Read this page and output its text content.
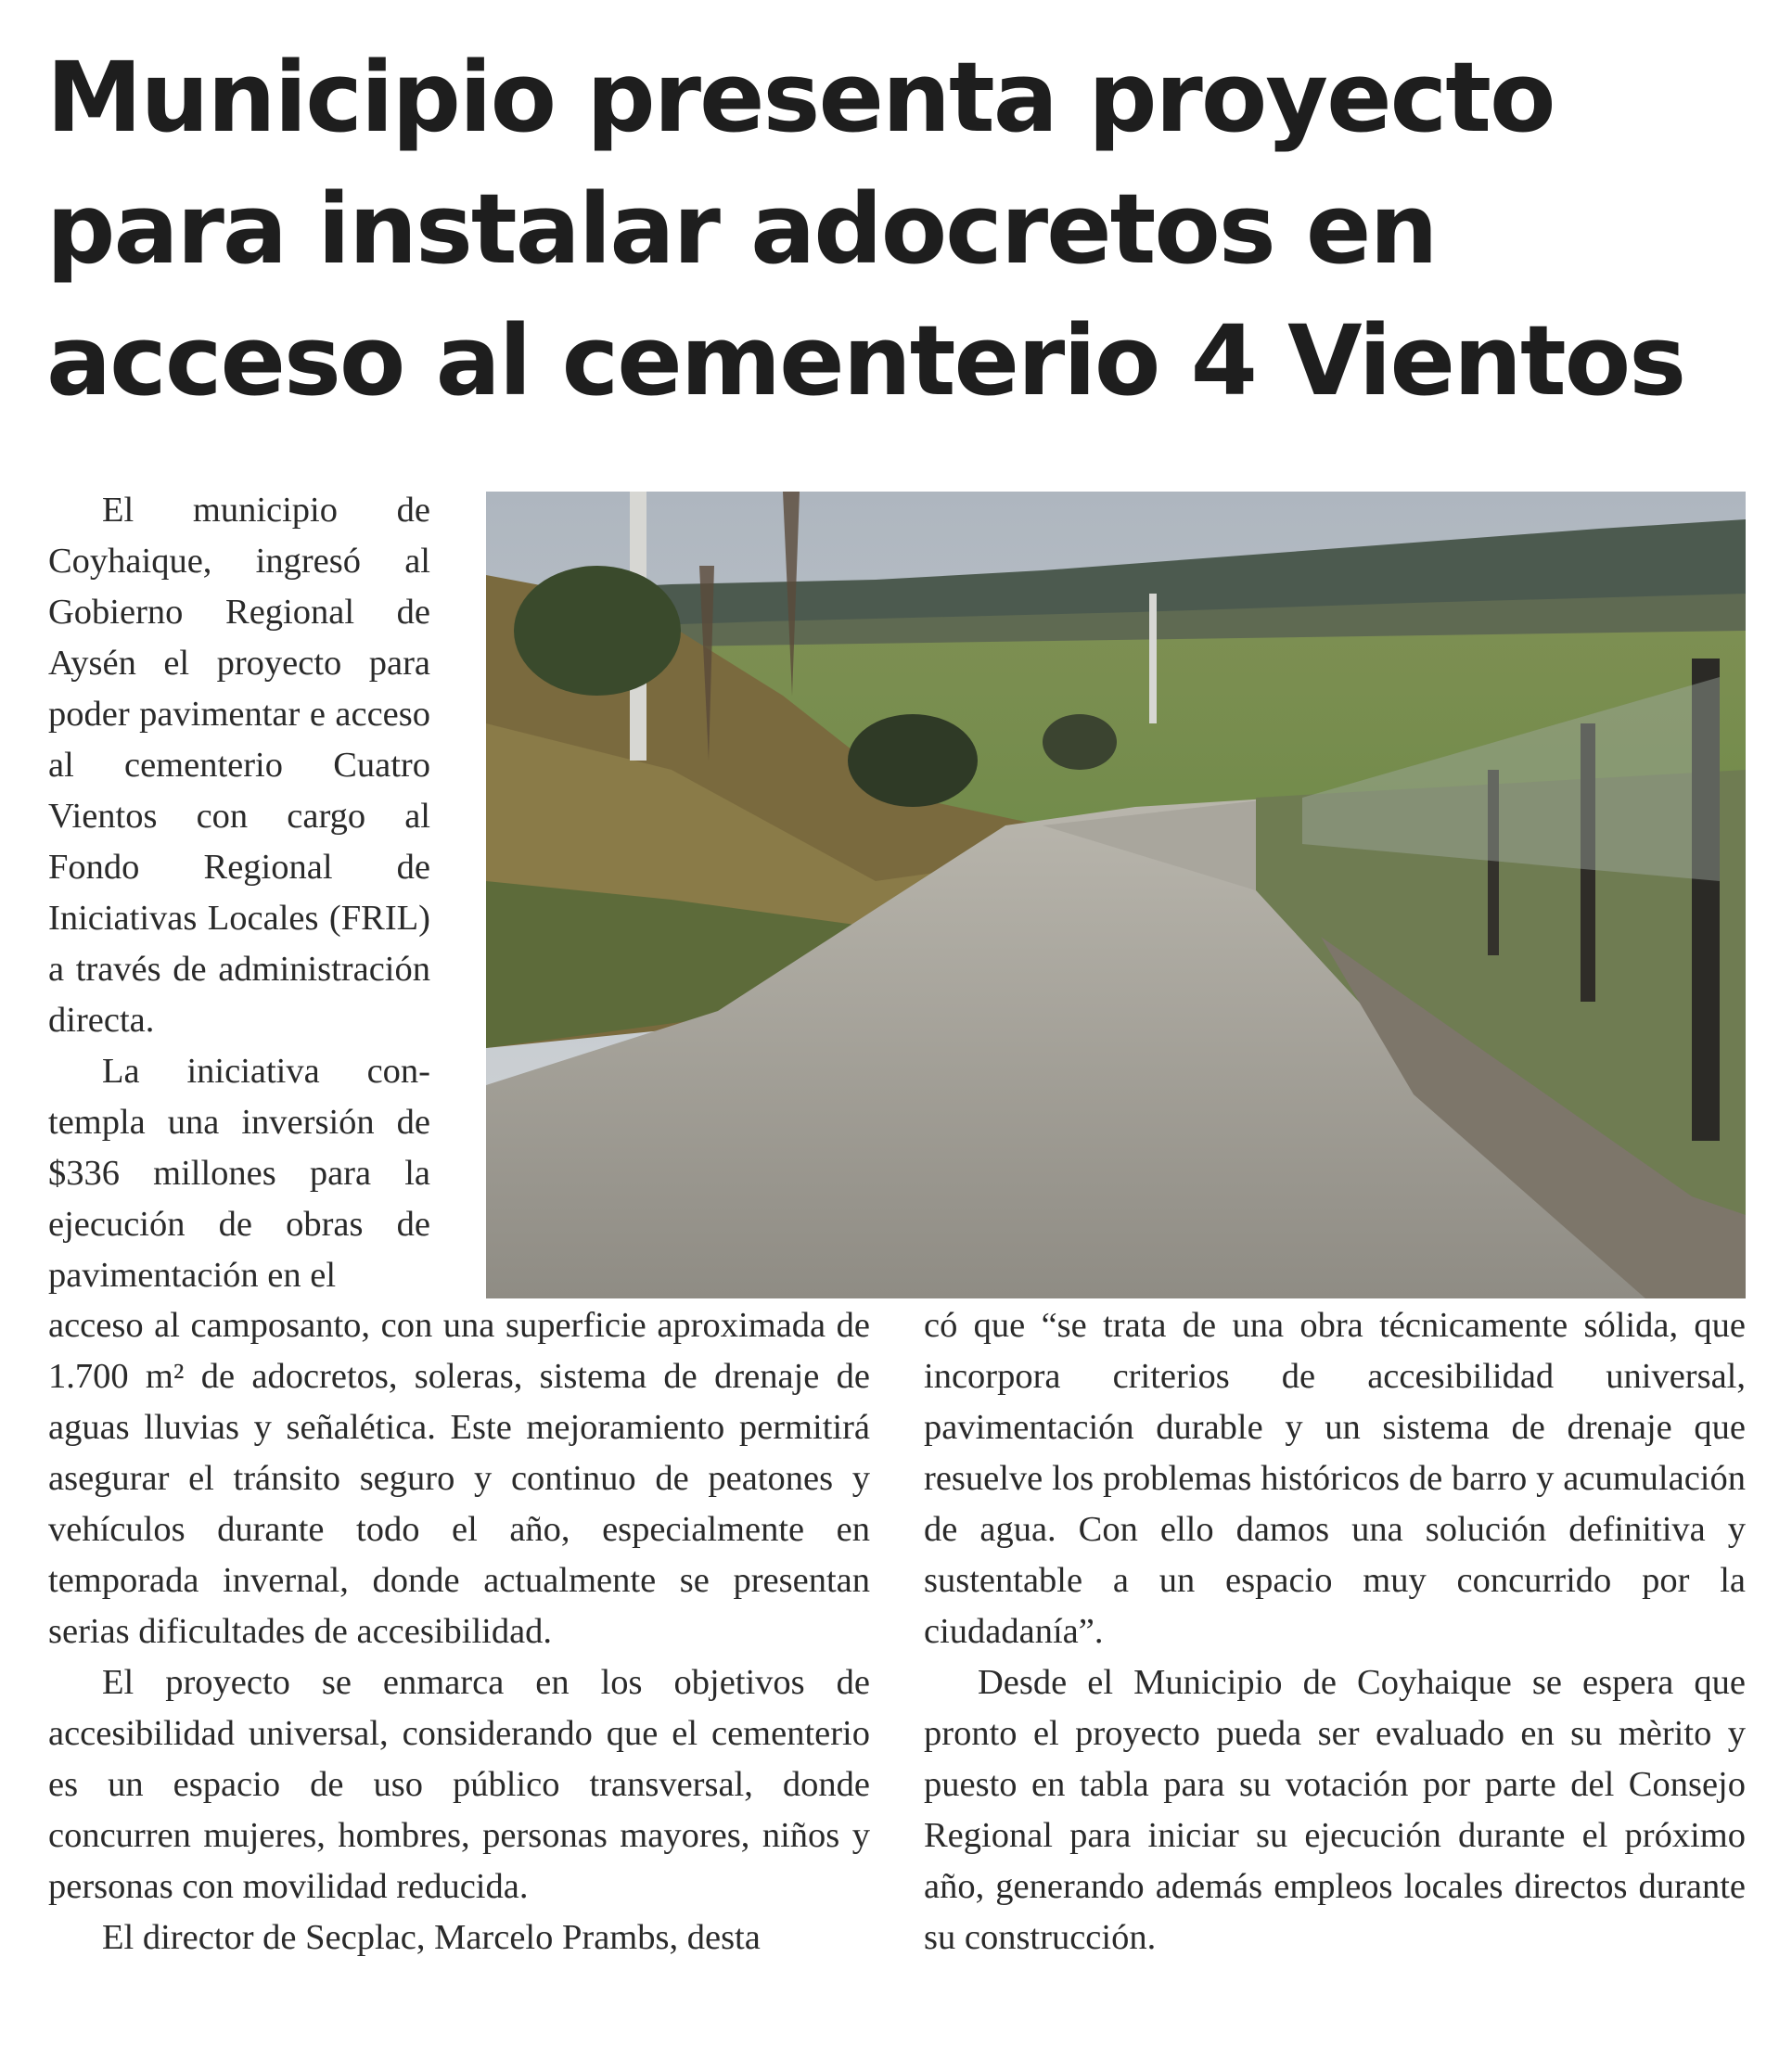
Municipio presenta proyecto para instalar adocretos en acceso al cementerio 4 Vientos

El municipio de Coyhaique, ingresó al Gobierno Regional de Aysén el proyecto para poder pavimentar e acceso al cementerio Cuatro Vientos con cargo al Fondo Regional de Iniciativas Locales (FRIL) a través de administración directa.

La iniciativa contempla una inversión de $336 millones para la ejecución de obras de pavimentación en el

acceso al camposanto, con una superficie aproximada de 1.700 m² de adocretos, soleras, sistema de drenaje de aguas lluvias y señalética. Este mejoramiento permitirá asegurar el tránsito seguro y continuo de peatones y vehículos durante todo el año, especialmente en temporada invernal, donde actualmente se presentan serias dificultades de accesibilidad.

El proyecto se enmarca en los objetivos de accesibilidad universal, considerando que el cementerio es un espacio de uso público transversal, donde concurren mujeres, hombres, personas mayores, niños y personas con movilidad reducida.

El director de Secplac, Marcelo Prambs, desta

có que “se trata de una obra técnicamente sólida, que incorpora criterios de accesibilidad universal, pavimentación durable y un sistema de drenaje que resuelve los problemas históricos de barro y acumulación de agua. Con ello damos una solución definitiva y sustentable a un espacio muy concurrido por la ciudadanía”.

Desde el Municipio de Coyhaique se espera que pronto el proyecto pueda ser evaluado en su mèrito y puesto en tabla para su votación por parte del Consejo Regional para iniciar su ejecución durante el próximo año, generando además empleos locales directos durante su construcción.
